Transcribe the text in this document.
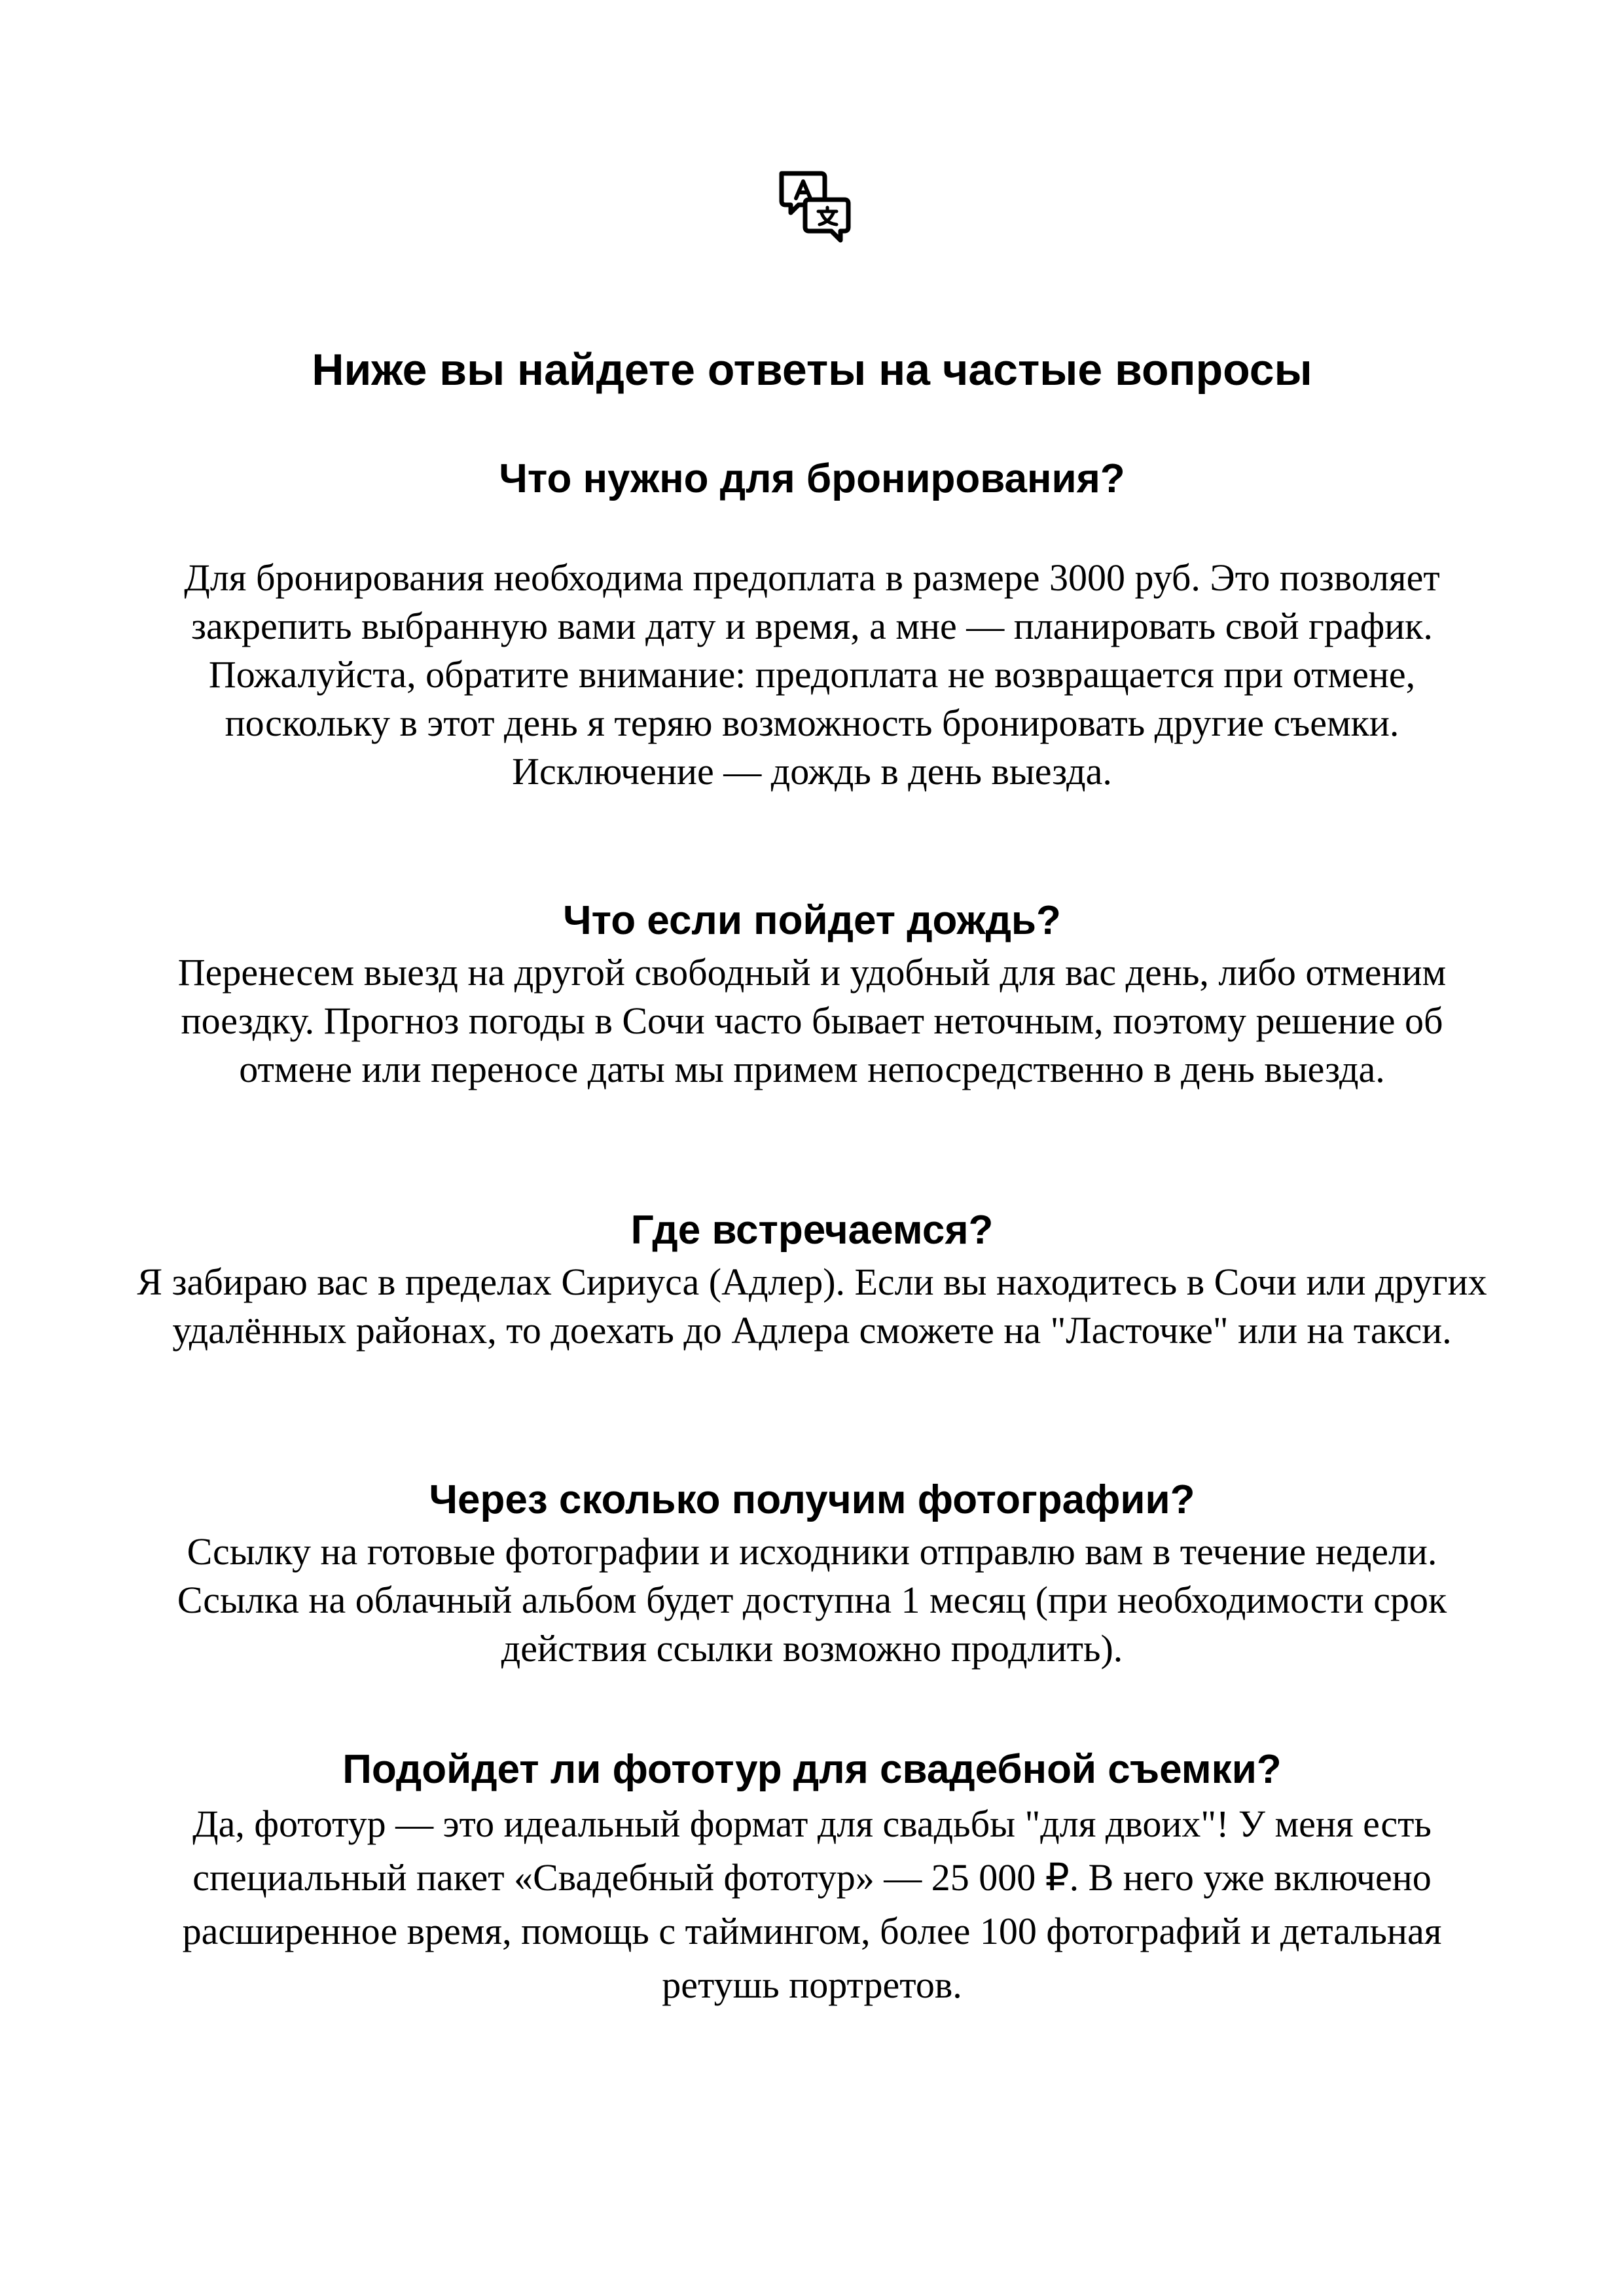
Ниже вы найдете ответы на частые вопросы
Что нужно для бронирования?

Для бронирования необходима предоплата в размере 3000 руб. Это позволяет закрепить выбранную вами дату и время, а мне — планировать свой график. Пожалуйста, обратите внимание: предоплата не возвращается при отмене, поскольку в этот день я теряю возможность бронировать другие съемки. Исключение — дождь в день выезда.

Что если пойдет дождь?

Перенесем выезд на другой свободный и удобный для вас день, либо отменим поездку. Прогноз погоды в Сочи часто бывает неточным, поэтому решение об отмене или переносе даты мы примем непосредственно в день выезда.

Где встречаемся?

Я забираю вас в пределах Сириуса (Адлер). Если вы находитесь в Сочи или других удалённых районах, то доехать до Адлера сможете на "Ласточке" или на такси.

Через сколько получим фотографии?

Ссылку на готовые фотографии и исходники отправлю вам в течение недели. Ссылка на облачный альбом будет доступна 1 месяц (при необходимости срок действия ссылки возможно продлить).

Подойдет ли фототур для свадебной съемки?

Да, фототур — это идеальный формат для свадьбы "для двоих"! У меня есть специальный пакет «Свадебный фототур» — 25 000 ₽. В него уже включено расширенное время, помощь с таймингом, более 100 фотографий и детальная ретушь портретов.
